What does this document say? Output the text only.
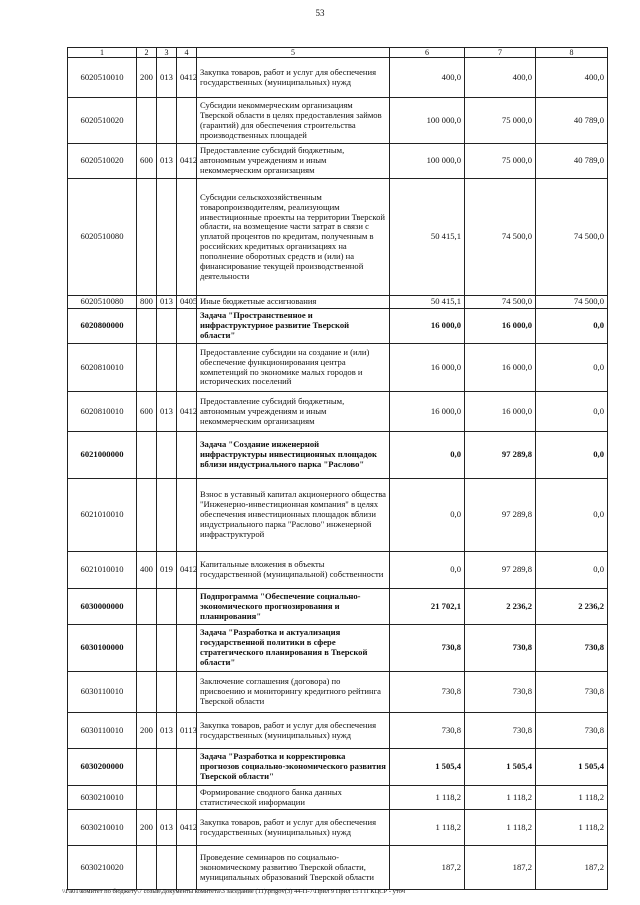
53
1	2	3	4	5	6	7	8
6020510010	200	013	0412	Закупка товаров, работ и услуг для обеспечения государственных (муниципальных) нужд	400,0	400,0	400,0
6020510020				Субсидии некоммерческим организациям Тверской области в целях предоставления займов (гарантий) для обеспечения строительства производственных площадей	100 000,0	75 000,0	40 789,0
6020510020	600	013	0412	Предоставление субсидий бюджетным, автономным учреждениям и иным некоммерческим организациям	100 000,0	75 000,0	40 789,0
6020510080				Субсидии сельскохозяйственным товаропроизводителям, реализующим инвестиционные проекты на территории Тверской области, на возмещение части затрат в связи с уплатой процентов по кредитам, полученным в российских кредитных организациях на пополнение оборотных средств и (или) на финансирование текущей производственной деятельности	50 415,1	74 500,0	74 500,0
6020510080	800	013	0405	Иные бюджетные ассигнования	50 415,1	74 500,0	74 500,0
6020800000				Задача "Пространственное и инфраструктурное развитие Тверской области"	16 000,0	16 000,0	0,0
6020810010				Предоставление субсидии на создание и (или) обеспечение функционирования центра компетенций по экономике малых городов и исторических поселений	16 000,0	16 000,0	0,0
6020810010	600	013	0412	Предоставление субсидий бюджетным, автономным учреждениям и иным некоммерческим организациям	16 000,0	16 000,0	0,0
6021000000				Задача "Создание инженерной инфраструктуры инвестиционных площадок вблизи индустриального парка "Раслово"	0,0	97 289,8	0,0
6021010010				Взнос в уставный капитал акционерного общества "Инженерно-инвестиционная компания" в целях обеспечения инвестиционных площадок вблизи индустриального парка "Раслово" инженерной инфраструктурой	0,0	97 289,8	0,0
6021010010	400	019	0412	Капитальные вложения в объекты государственной (муниципальной) собственности	0,0	97 289,8	0,0
6030000000				Подпрограмма "Обеспечение социально-экономического прогнозирования и планирования"	21 702,1	2 236,2	2 236,2
6030100000				Задача "Разработка и актуализация государственной политики в сфере стратегического планирования в Тверской области"	730,8	730,8	730,8
6030110010				Заключение соглашения (договора) по присвоению и мониторингу кредитного рейтинга Тверской области	730,8	730,8	730,8
6030110010	200	013	0113	Закупка товаров, работ и услуг для обеспечения государственных (муниципальных) нужд	730,8	730,8	730,8
6030200000				Задача "Разработка и корректировка прогнозов социально-экономического развития Тверской области"	1 505,4	1 505,4	1 505,4
6030210010				Формирование сводного банка данных статистической информации	1 118,2	1 118,2	1 118,2
6030210010	200	013	0412	Закупка товаров, работ и услуг для обеспечения государственных (муниципальных) нужд	1 118,2	1 118,2	1 118,2
6030210020				Проведение семинаров по социально-экономическому развитию Тверской области, муниципальных образований Тверской области	187,2	187,2	187,2
\\Fa01\комитет по бюджету\7 созыв\Документы комитета\3 заседание (11)\prigov(3) 44-П-7\Прил 9 Прил 15 ГП КЦСР - уточ
